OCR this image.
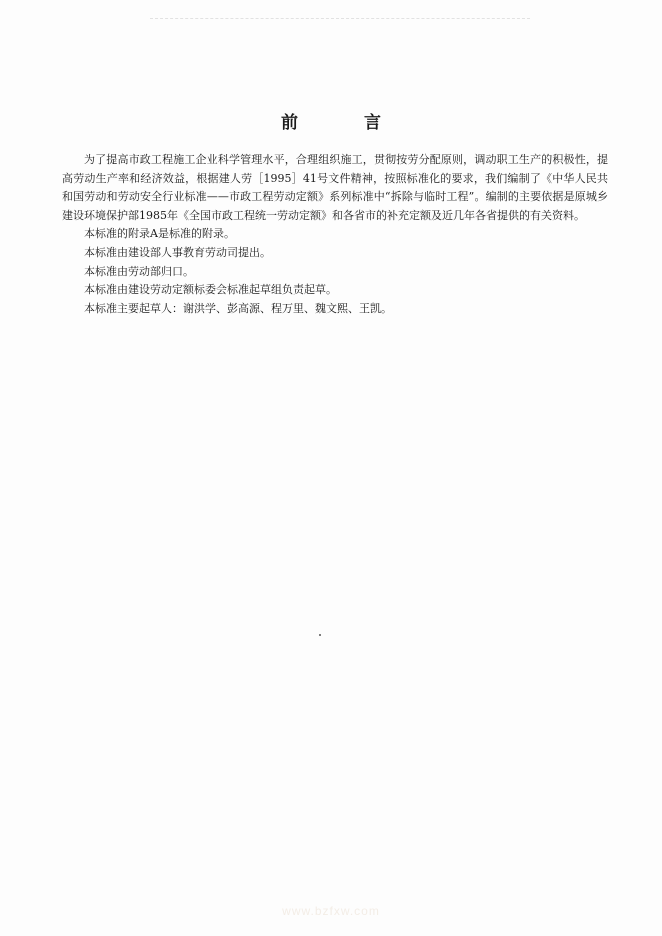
前 言

为了提高市政工程施工企业科学管理水平，合理组织施工，贯彻按劳分配原则，调动职工生产的积极性，提高劳动生产率和经济效益，根据建人劳［1995］41号文件精神，按照标准化的要求，我们编制了《中华人民共和国劳动和劳动安全行业标准——市政工程劳动定额》系列标准中“拆除与临时工程”。编制的主要依据是原城乡建设环境保护部1985年《全国市政工程统一劳动定额》和各省市的补充定额及近几年各省提供的有关资料。

本标准的附录A是标准的附录。

本标准由建设部人事教育劳动司提出。

本标准由劳动部归口。

本标准由建设劳动定额标委会标准起草组负责起草。

本标准主要起草人：谢洪学、彭高源、程万里、魏文熙、王凯。

www.bzfxw.com
